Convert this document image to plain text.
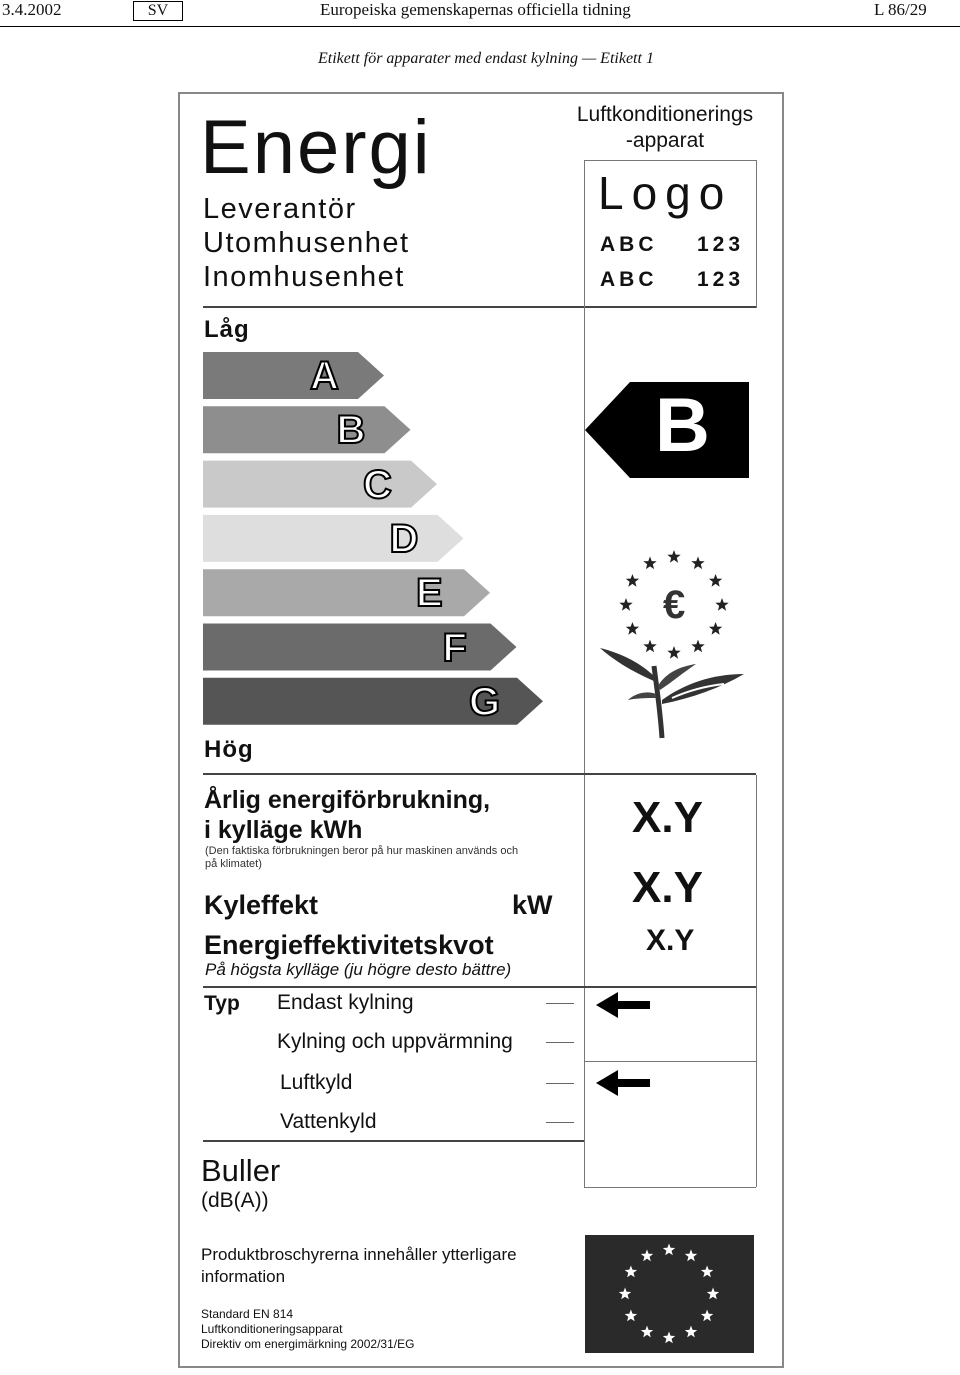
3.4.2002	SV	Europeiska gemenskapernas officiella tidning	L 86/29
Etikett för apparater med endast kylning — Etikett 1
Energi	Luftkonditionerings
-apparat
Leverantör
Utomhusenhet
Inomhusenhet
Logo
ABC 123
ABC 123
Låg
Hög
A
B
C
D
E
F
G
B
€
Årlig energiförbrukning,
i kylläge kWh
(Den faktiska förbrukningen beror på hur maskinen används och
på klimatet)
X.Y
Kyleffekt	kW X.Y
Energieffektivitetskvot
På högsta kylläge (ju högre desto bättre)
X.Y
Typ Endast kylning
Kylning och uppvärmning
Luftkyld
Vattenkyld
Buller
(dB(A))
Produktbroschyrerna innehåller ytterligare
information
Standard EN 814
Luftkonditioneringsapparat
Direktiv om energimärkning 2002/31/EG
